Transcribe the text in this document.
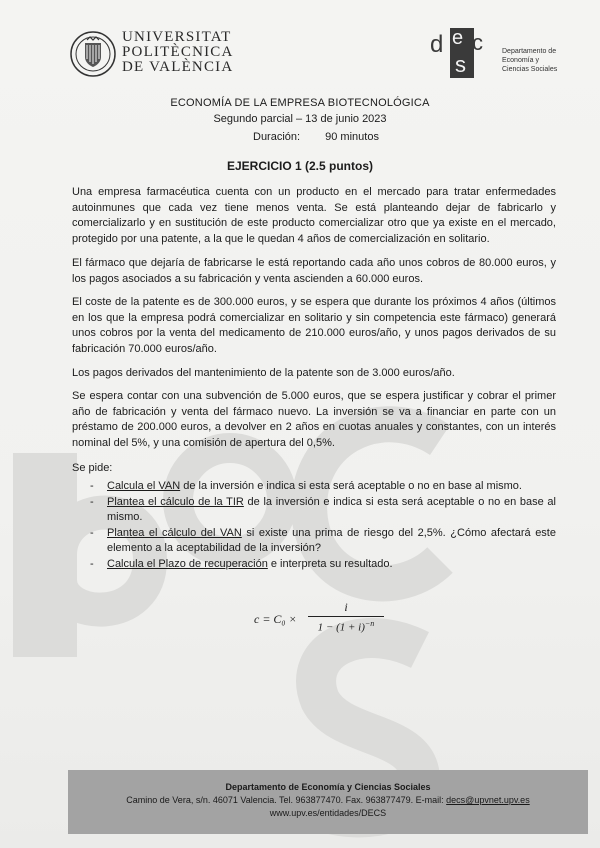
UNIVERSITAT
POLITÈCNICA
DE VALÈNCIA
d e c
s
Departamento de
Economía y
Ciencias Sociales
ECONOMÍA DE LA EMPRESA BIOTECNOLÓGICA
Segundo parcial – 13 de junio 2023
Duración: 90 minutos
EJERCICIO 1 (2.5 puntos)
Una empresa farmacéutica cuenta con un producto en el mercado para tratar enfermedades autoinmunes que cada vez tiene menos venta. Se está planteando dejar de fabricarlo y comercializarlo y en sustitución de este producto comercializar otro que ya existe en el mercado, protegido por una patente, a la que le quedan 4 años de comercialización en solitario.
El fármaco que dejaría de fabricarse le está reportando cada año unos cobros de 80.000 euros, y los pagos asociados a su fabricación y venta ascienden a 60.000 euros.
El coste de la patente es de 300.000 euros, y se espera que durante los próximos 4 años (últimos en los que la empresa podrá comercializar en solitario y sin competencia este fármaco) generará unos cobros por la venta del medicamento de 210.000 euros/año, y unos pagos derivados de su fabricación 70.000 euros/año.
Los pagos derivados del mantenimiento de la patente son de 3.000 euros/año.
Se espera contar con una subvención de 5.000 euros, que se espera justificar y cobrar el primer año de fabricación y venta del fármaco nuevo. La inversión se va a financiar en parte con un préstamo de 200.000 euros, a devolver en 2 años en cuotas anuales y constantes, con un interés nominal del 5%, y una comisión de apertura del 0,5%.
Se pide:
- Calcula el VAN de la inversión e indica si esta será aceptable o no en base al mismo.
- Plantea el cálculo de la TIR de la inversión e indica si esta será aceptable o no en base al mismo.
- Plantea el cálculo del VAN si existe una prima de riesgo del 2,5%. ¿Cómo afectará este elemento a la aceptabilidad de la inversión?
- Calcula el Plazo de recuperación e interpreta su resultado.
c = C₀ ×
i
$1 - (1 + i)^{-n}$
Departamento de Economía y Ciencias Sociales
Camino de Vera, s/n. 46071 Valencia. Tel. 963877470. Fax. 963877479. E-mail: decs@upvnet.upv.es
www.upv.es/entidades/DECS
